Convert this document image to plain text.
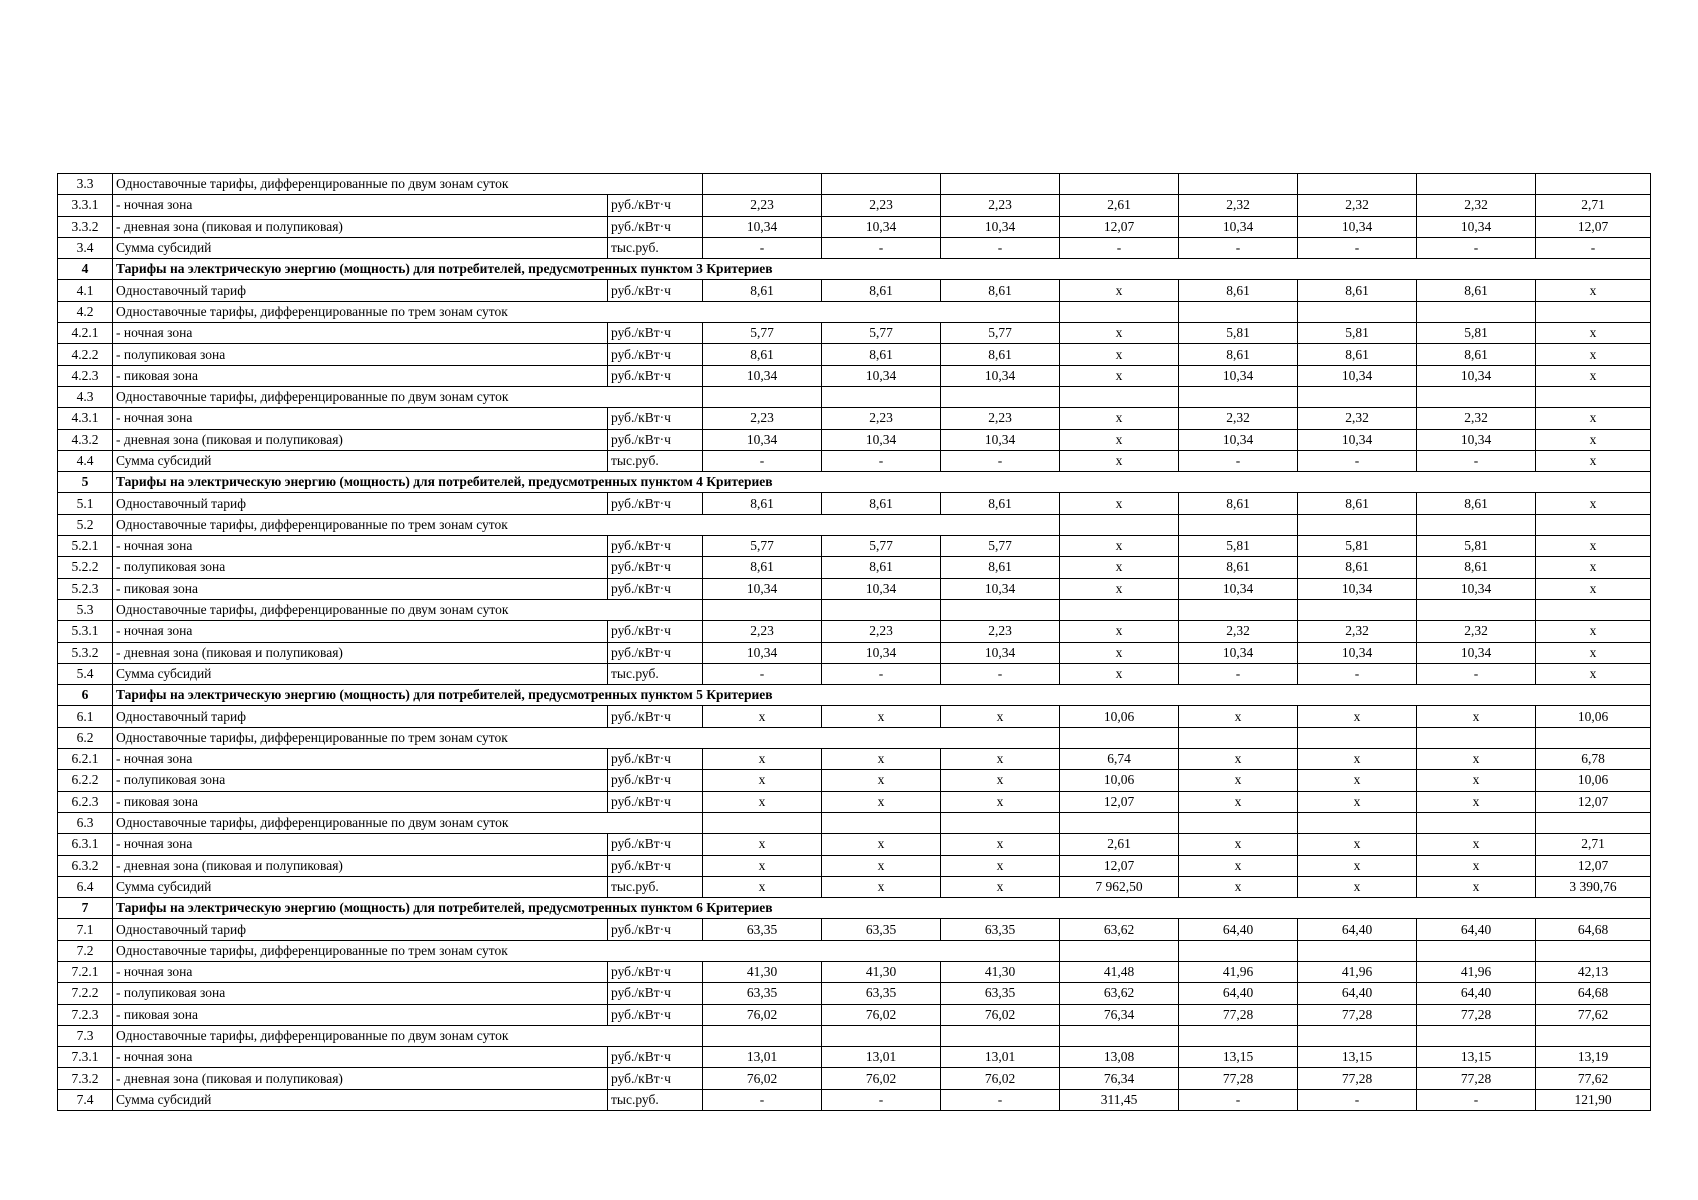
3.3	Одноставочные тарифы, дифференцированные по двум зонам суток									
3.3.1	- ночная зона	руб./кВт·ч	2,23	2,23	2,23	2,61	2,32	2,32	2,32	2,71
3.3.2	- дневная зона (пиковая и полупиковая)	руб./кВт·ч	10,34	10,34	10,34	12,07	10,34	10,34	10,34	12,07
3.4	Сумма субсидий	тыс.руб.	-	-	-	-	-	-	-	-
4	Тарифы на электрическую энергию (мощность) для потребителей, предусмотренных пунктом 3 Критериев									
4.1	Одноставочный тариф	руб./кВт·ч	8,61	8,61	8,61	x	8,61	8,61	8,61	x
4.2	Одноставочные тарифы, дифференцированные по трем зонам суток									
4.2.1	- ночная зона	руб./кВт·ч	5,77	5,77	5,77	x	5,81	5,81	5,81	x
4.2.2	- полупиковая зона	руб./кВт·ч	8,61	8,61	8,61	x	8,61	8,61	8,61	x
4.2.3	- пиковая зона	руб./кВт·ч	10,34	10,34	10,34	x	10,34	10,34	10,34	x
4.3	Одноставочные тарифы, дифференцированные по двум зонам суток									
4.3.1	- ночная зона	руб./кВт·ч	2,23	2,23	2,23	x	2,32	2,32	2,32	x
4.3.2	- дневная зона (пиковая и полупиковая)	руб./кВт·ч	10,34	10,34	10,34	x	10,34	10,34	10,34	x
4.4	Сумма субсидий	тыс.руб.	-	-	-	x	-	-	-	x
5	Тарифы на электрическую энергию (мощность) для потребителей, предусмотренных пунктом 4 Критериев									
5.1	Одноставочный тариф	руб./кВт·ч	8,61	8,61	8,61	x	8,61	8,61	8,61	x
5.2	Одноставочные тарифы, дифференцированные по трем зонам суток									
5.2.1	- ночная зона	руб./кВт·ч	5,77	5,77	5,77	x	5,81	5,81	5,81	x
5.2.2	- полупиковая зона	руб./кВт·ч	8,61	8,61	8,61	x	8,61	8,61	8,61	x
5.2.3	- пиковая зона	руб./кВт·ч	10,34	10,34	10,34	x	10,34	10,34	10,34	x
5.3	Одноставочные тарифы, дифференцированные по двум зонам суток									
5.3.1	- ночная зона	руб./кВт·ч	2,23	2,23	2,23	x	2,32	2,32	2,32	x
5.3.2	- дневная зона (пиковая и полупиковая)	руб./кВт·ч	10,34	10,34	10,34	x	10,34	10,34	10,34	x
5.4	Сумма субсидий	тыс.руб.	-	-	-	x	-	-	-	x
6	Тарифы на электрическую энергию (мощность) для потребителей, предусмотренных пунктом 5 Критериев									
6.1	Одноставочный тариф	руб./кВт·ч	x	x	x	10,06	x	x	x	10,06
6.2	Одноставочные тарифы, дифференцированные по трем зонам суток									
6.2.1	- ночная зона	руб./кВт·ч	x	x	x	6,74	x	x	x	6,78
6.2.2	- полупиковая зона	руб./кВт·ч	x	x	x	10,06	x	x	x	10,06
6.2.3	- пиковая зона	руб./кВт·ч	x	x	x	12,07	x	x	x	12,07
6.3	Одноставочные тарифы, дифференцированные по двум зонам суток									
6.3.1	- ночная зона	руб./кВт·ч	x	x	x	2,61	x	x	x	2,71
6.3.2	- дневная зона (пиковая и полупиковая)	руб./кВт·ч	x	x	x	12,07	x	x	x	12,07
6.4	Сумма субсидий	тыс.руб.	x	x	x	7 962,50	x	x	x	3 390,76
7	Тарифы на электрическую энергию (мощность) для потребителей, предусмотренных пунктом 6 Критериев									
7.1	Одноставочный тариф	руб./кВт·ч	63,35	63,35	63,35	63,62	64,40	64,40	64,40	64,68
7.2	Одноставочные тарифы, дифференцированные по трем зонам суток									
7.2.1	- ночная зона	руб./кВт·ч	41,30	41,30	41,30	41,48	41,96	41,96	41,96	42,13
7.2.2	- полупиковая зона	руб./кВт·ч	63,35	63,35	63,35	63,62	64,40	64,40	64,40	64,68
7.2.3	- пиковая зона	руб./кВт·ч	76,02	76,02	76,02	76,34	77,28	77,28	77,28	77,62
7.3	Одноставочные тарифы, дифференцированные по двум зонам суток									
7.3.1	- ночная зона	руб./кВт·ч	13,01	13,01	13,01	13,08	13,15	13,15	13,15	13,19
7.3.2	- дневная зона (пиковая и полупиковая)	руб./кВт·ч	76,02	76,02	76,02	76,34	77,28	77,28	77,28	77,62
7.4	Сумма субсидий	тыс.руб.	-	-	-	311,45	-	-	-	121,90
